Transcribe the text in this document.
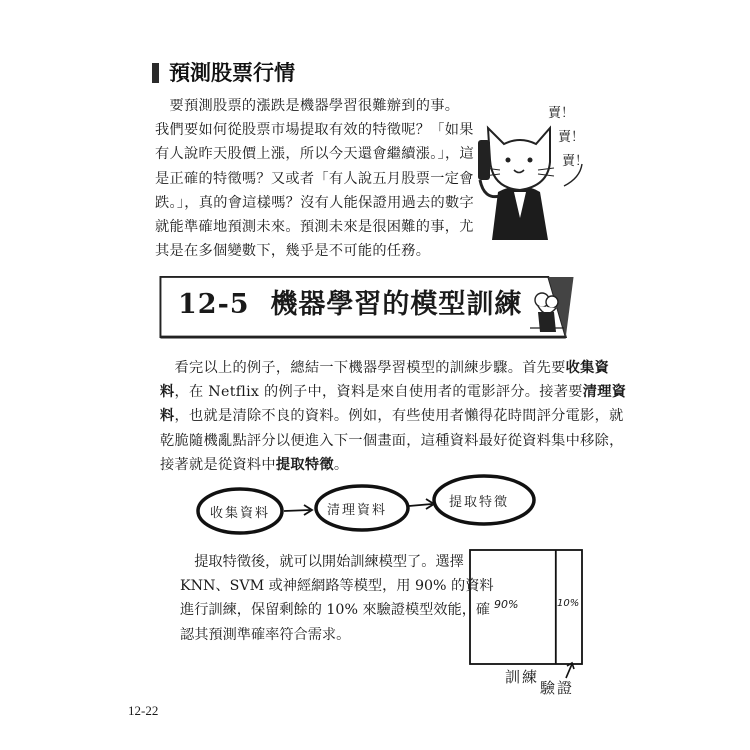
預測股票行情
　要預測股票的漲跌是機器學習很難辦到的事。
我們要如何從股票市場提取有效的特徵呢？「如果
有人說昨天股價上漲，所以今天還會繼續漲。」，這
是正確的特徵嗎？又或者「有人說五月股票一定會
跌。」，真的會這樣嗎？沒有人能保證用過去的數字
就能準確地預測未來。預測未來是很困難的事，尤
其是在多個變數下，幾乎是不可能的任務。
賣！
賣！
賣！
12-5  機器學習的模型訓練
　看完以上的例子，總結一下機器學習模型的訓練步驟。首先要收集資
料，在 Netflix 的例子中，資料是來自使用者的電影評分。接著要清理資
料，也就是清除不良的資料。例如，有些使用者懶得花時間評分電影，就
乾脆隨機亂點評分以便進入下一個畫面，這種資料最好從資料集中移除，
接著就是從資料中提取特徵。
收集資料	清理資料
提取特徵
　提取特徵後，就可以開始訓練模型了。選擇
KNN、SVM 或神經網路等模型，用 90% 的資料
進行訓練，保留剩餘的 10% 來驗證模型效能，確
認其預測準確率符合需求。
90%	10%
訓練
驗證
12-22
